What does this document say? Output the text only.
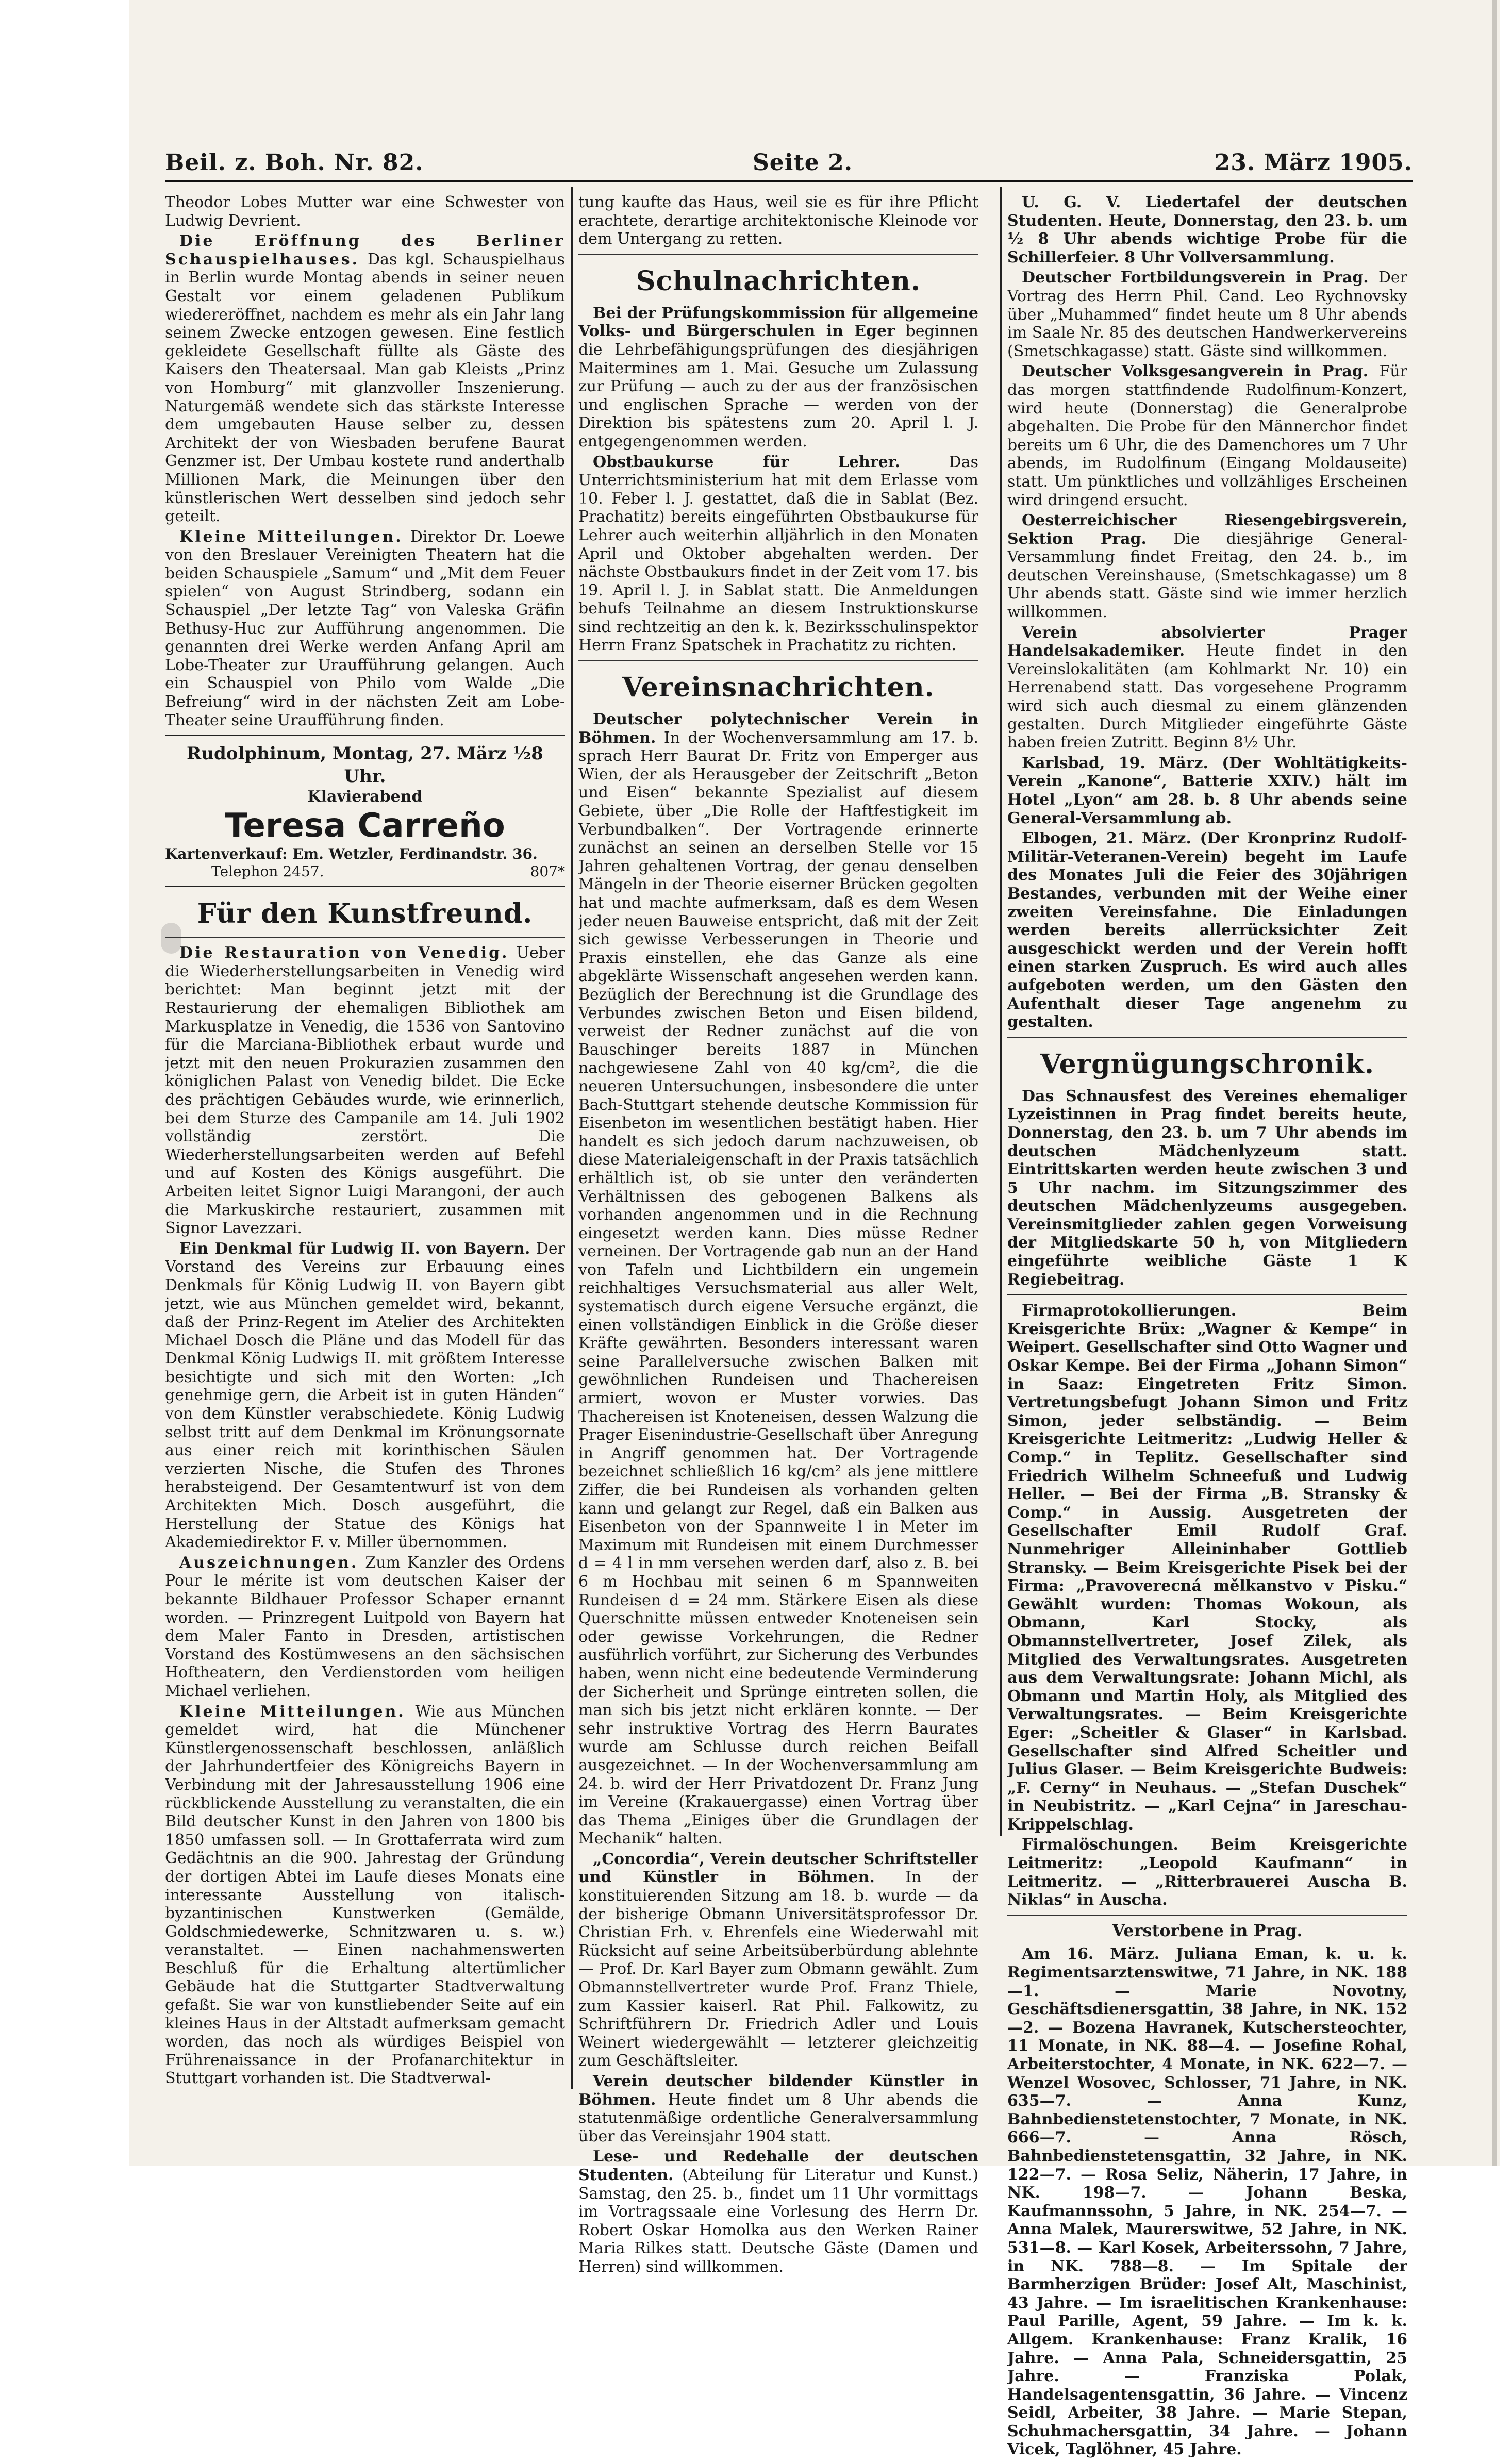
Beil. z. Boh. Nr. 82.	Seite 2.	23. März 1905.

Theodor Lobes Mutter war eine Schwester von Ludwig Devrient.

Die Eröffnung des Berliner Schauspielhauses. Das kgl. Schauspielhaus in Berlin wurde Montag abends in seiner neuen Gestalt vor einem geladenen Publikum wiedereröffnet, nachdem es mehr als ein Jahr lang seinem Zwecke entzogen gewesen. Eine festlich gekleidete Gesellschaft füllte als Gäste des Kaisers den Theatersaal. Man gab Kleists „Prinz von Homburg“ mit glanzvoller Inszenierung. Naturgemäß wendete sich das stärkste Interesse dem umgebauten Hause selber zu, dessen Architekt der von Wiesbaden berufene Baurat Genzmer ist. Der Umbau kostete rund anderthalb Millionen Mark, die Meinungen über den künstlerischen Wert desselben sind jedoch sehr geteilt.

Kleine Mitteilungen. Direktor Dr. Loewe von den Breslauer Vereinigten Theatern hat die beiden Schauspiele „Samum“ und „Mit dem Feuer spielen“ von August Strindberg, sodann ein Schauspiel „Der letzte Tag“ von Valeska Gräfin Bethusy-Huc zur Aufführung angenommen. Die genannten drei Werke werden Anfang April am Lobe-Theater zur Uraufführung gelangen. Auch ein Schauspiel von Philo vom Walde „Die Befreiung“ wird in der nächsten Zeit am Lobe-Theater seine Uraufführung finden.

Rudolphinum, Montag, 27. März ½8 Uhr.
Klavierabend
Teresa Carreño
Kartenverkauf: Em. Wetzler, Ferdinandstr. 36.
Telephon 2457.	807*
Für den Kunstfreund.

Die Restauration von Venedig. Ueber die Wiederherstellungsarbeiten in Venedig wird berichtet: Man beginnt jetzt mit der Restaurierung der ehemaligen Bibliothek am Markusplatze in Venedig, die 1536 von Santovino für die Marciana-Bibliothek erbaut wurde und jetzt mit den neuen Prokurazien zusammen den königlichen Palast von Venedig bildet. Die Ecke des prächtigen Gebäudes wurde, wie erinnerlich, bei dem Sturze des Campanile am 14. Juli 1902 vollständig zerstört. Die Wiederherstellungsarbeiten werden auf Befehl und auf Kosten des Königs ausgeführt. Die Arbeiten leitet Signor Luigi Marangoni, der auch die Markuskirche restauriert, zusammen mit Signor Lavezzari.

Ein Denkmal für Ludwig II. von Bayern. Der Vorstand des Vereins zur Erbauung eines Denkmals für König Ludwig II. von Bayern gibt jetzt, wie aus München gemeldet wird, bekannt, daß der Prinz-Regent im Atelier des Architekten Michael Dosch die Pläne und das Modell für das Denkmal König Ludwigs II. mit größtem Interesse besichtigte und sich mit den Worten: „Ich genehmige gern, die Arbeit ist in guten Händen“ von dem Künstler verabschiedete. König Ludwig selbst tritt auf dem Denkmal im Krönungsornate aus einer reich mit korinthischen Säulen verzierten Nische, die Stufen des Thrones herabsteigend. Der Gesamtentwurf ist von dem Architekten Mich. Dosch ausgeführt, die Herstellung der Statue des Königs hat Akademiedirektor F. v. Miller übernommen.

Auszeichnungen. Zum Kanzler des Ordens Pour le mérite ist vom deutschen Kaiser der bekannte Bildhauer Professor Schaper ernannt worden. — Prinzregent Luitpold von Bayern hat dem Maler Fanto in Dresden, artistischen Vorstand des Kostümwesens an den sächsischen Hoftheatern, den Verdienstorden vom heiligen Michael verliehen.

Kleine Mitteilungen. Wie aus München gemeldet wird, hat die Münchener Künstlergenossenschaft beschlossen, anläßlich der Jahrhundertfeier des Königreichs Bayern in Verbindung mit der Jahresausstellung 1906 eine rückblickende Ausstellung zu veranstalten, die ein Bild deutscher Kunst in den Jahren von 1800 bis 1850 umfassen soll. — In Grottaferrata wird zum Gedächtnis an die 900. Jahrestag der Gründung der dortigen Abtei im Laufe dieses Monats eine interessante Ausstellung von italisch-byzantinischen Kunstwerken (Gemälde, Goldschmiedewerke, Schnitzwaren u. s. w.) veranstaltet. — Einen nachahmenswerten Beschluß für die Erhaltung altertümlicher Gebäude hat die Stuttgarter Stadtverwaltung gefaßt. Sie war von kunstliebender Seite auf ein kleines Haus in der Altstadt aufmerksam gemacht worden, das noch als würdiges Beispiel von Frührenaissance in der Profanarchitektur in Stuttgart vorhanden ist. Die Stadtverwal-

tung kaufte das Haus, weil sie es für ihre Pflicht erachtete, derartige architektonische Kleinode vor dem Untergang zu retten.

Schulnachrichten.

Bei der Prüfungskommission für allgemeine Volks- und Bürgerschulen in Eger beginnen die Lehrbefähigungsprüfungen des diesjährigen Maitermines am 1. Mai. Gesuche um Zulassung zur Prüfung — auch zu der aus der französischen und englischen Sprache — werden von der Direktion bis spätestens zum 20. April l. J. entgegengenommen werden.

Obstbaukurse für Lehrer.	Das Unterrichtsministerium hat mit dem Erlasse vom 10. Feber l. J. gestattet, daß die in Sablat (Bez. Prachatitz) bereits eingeführten Obstbaukurse für Lehrer auch weiterhin alljährlich in den Monaten April und Oktober abgehalten werden. Der nächste Obstbaukurs findet in der Zeit vom 17. bis 19. April l. J. in Sablat statt. Die Anmeldungen behufs Teilnahme an diesem Instruktionskurse sind rechtzeitig an den k. k. Bezirksschulinspektor Herrn Franz Spatschek in Prachatitz zu richten.

Vereinsnachrichten.

Deutscher polytechnischer Verein in Böhmen. In der Wochenversammlung am 17. b. sprach Herr Baurat Dr. Fritz von Emperger aus Wien, der als Herausgeber der Zeitschrift „Beton und Eisen“ bekannte Spezialist auf diesem Gebiete, über „Die Rolle der Haftfestigkeit im Verbundbalken“. Der Vortragende erinnerte zunächst an seinen an derselben Stelle vor 15 Jahren gehaltenen Vortrag, der genau denselben Mängeln in der Theorie eiserner Brücken gegolten hat und machte aufmerksam, daß es dem Wesen jeder neuen Bauweise entspricht, daß mit der Zeit sich gewisse Verbesserungen in Theorie und Praxis einstellen, ehe das Ganze als eine abgeklärte Wissenschaft angesehen werden kann. Bezüglich der Berechnung ist die Grundlage des Verbundes zwischen Beton und Eisen bildend, verweist der Redner zunächst auf die von Bauschinger bereits 1887 in München nachgewiesene Zahl von 40 kg/cm², die die neueren Untersuchungen, insbesondere die unter Bach-Stuttgart stehende deutsche Kommission für Eisenbeton im wesentlichen bestätigt haben. Hier handelt es sich jedoch darum nachzuweisen, ob diese Materialeigenschaft in der Praxis tatsächlich erhältlich ist, ob sie unter den veränderten Verhältnissen des gebogenen Balkens als vorhanden angenommen und in die Rechnung eingesetzt werden kann. Dies müsse Redner verneinen. Der Vortragende gab nun an der Hand von Tafeln und Lichtbildern ein ungemein reichhaltiges Versuchsmaterial aus aller Welt, systematisch durch eigene Versuche ergänzt, die einen vollständigen Einblick in die Größe dieser Kräfte gewährten. Besonders interessant waren seine Parallelversuche zwischen Balken mit gewöhnlichen Rundeisen und Thachereisen armiert, wovon er Muster vorwies. Das Thachereisen ist Knoteneisen, dessen Walzung die Prager Eisenindustrie-Gesellschaft über Anregung in Angriff genommen hat. Der Vortragende bezeichnet schließlich 16 kg/cm² als jene mittlere Ziffer, die bei Rundeisen als vorhanden gelten kann und gelangt zur Regel, daß ein Balken aus Eisenbeton von der Spannweite l in Meter im Maximum mit Rundeisen mit einem Durchmesser d = 4 l in mm versehen werden darf, also z. B. bei 6 m Hochbau mit seinen 6 m Spannweiten Rundeisen d = 24 mm. Stärkere Eisen als diese Querschnitte müssen entweder Knoteneisen sein oder gewisse Vorkehrungen, die Redner ausführlich vorführt, zur Sicherung des Verbundes haben, wenn nicht eine bedeutende Verminderung der Sicherheit und Sprünge eintreten sollen, die man sich bis jetzt nicht erklären konnte. — Der sehr instruktive Vortrag des Herrn Baurates wurde am Schlusse durch reichen Beifall ausgezeichnet. — In der Wochenversammlung am 24. b. wird der Herr Privatdozent Dr. Franz Jung im Vereine (Krakauergasse) einen Vortrag über das Thema „Einiges über die Grundlagen der Mechanik“ halten.

„Concordia“, Verein deutscher Schriftsteller und Künstler in Böhmen. In der konstituierenden Sitzung am 18. b. wurde — da der bisherige Obmann Universitätsprofessor Dr. Christian Frh. v. Ehrenfels eine Wiederwahl mit Rücksicht auf seine Arbeitsüberbürdung ablehnte — Prof. Dr. Karl Bayer zum Obmann gewählt. Zum Obmannstellvertreter wurde Prof. Franz Thiele, zum Kassier kaiserl. Rat Phil. Falkowitz, zu Schriftführern Dr. Friedrich Adler und Louis Weinert wiedergewählt — letzterer gleichzeitig zum Geschäftsleiter.

Verein deutscher bildender Künstler in Böhmen. Heute findet um 8 Uhr abends die statutenmäßige ordentliche Generalversammlung über das Vereinsjahr 1904 statt.

Lese- und Redehalle der deutschen Studenten. (Abteilung für Literatur und Kunst.) Samstag, den 25. b., findet um 11 Uhr vormittags im Vortragssaale eine Vorlesung des Herrn Dr. Robert Oskar Homolka aus den Werken Rainer Maria Rilkes statt. Deutsche Gäste (Damen und Herren) sind willkommen.

U. G. V. Liedertafel der deutschen Studenten. Heute, Donnerstag, den 23. b. um ½ 8 Uhr abends wichtige Probe für die Schillerfeier. 8 Uhr Vollversammlung.

Deutscher Fortbildungsverein in Prag. Der Vortrag des Herrn Phil. Cand. Leo Rychnovsky über „Muhammed“ findet heute um 8 Uhr abends im Saale Nr. 85 des deutschen Handwerkervereins (Smetschkagasse) statt. Gäste sind willkommen.

Deutscher Volksgesangverein in Prag. Für das morgen stattfindende Rudolfinum-Konzert, wird heute (Donnerstag) die Generalprobe abgehalten. Die Probe für den Männerchor findet bereits um 6 Uhr, die des Damenchores um 7 Uhr abends, im Rudolfinum (Eingang Moldauseite) statt. Um pünktliches und vollzähliges Erscheinen wird dringend ersucht.

Oesterreichischer Riesengebirgsverein, Sektion Prag. Die diesjährige General-Versammlung findet Freitag, den 24. b., im deutschen Vereinshause, (Smetschkagasse) um 8 Uhr abends statt. Gäste sind wie immer herzlich willkommen.

Verein absolvierter Prager Handelsakademiker. Heute findet in den Vereinslokalitäten (am Kohlmarkt Nr. 10) ein Herrenabend statt. Das vorgesehene Programm wird sich auch diesmal zu einem glänzenden gestalten. Durch Mitglieder eingeführte Gäste haben freien Zutritt. Beginn 8½ Uhr.

Karlsbad, 19. März. (Der Wohltätigkeits-Verein „Kanone“, Batterie XXIV.) hält im Hotel „Lyon“ am 28. b. 8 Uhr abends seine General-Versammlung ab.

Elbogen, 21. März. (Der Kronprinz Rudolf-Militär-Veteranen-Verein) begeht im Laufe des Monates Juli die Feier des 30jährigen Bestandes, verbunden mit der Weihe einer zweiten Vereinsfahne. Die Einladungen werden bereits allerrücksichter Zeit ausgeschickt werden und der Verein hofft einen starken Zuspruch. Es wird auch alles aufgeboten werden, um den Gästen den Aufenthalt dieser Tage angenehm zu gestalten.

Vergnügungschronik.

Das Schnausfest des Vereines ehemaliger Lyzeistinnen in Prag findet bereits heute, Donnerstag, den 23. b. um 7 Uhr abends im deutschen Mädchenlyzeum statt. Eintrittskarten werden heute zwischen 3 und 5 Uhr nachm. im Sitzungszimmer des deutschen Mädchenlyzeums ausgegeben. Vereinsmitglieder zahlen gegen Vorweisung der Mitgliedskarte 50 h, von Mitgliedern eingeführte weibliche Gäste 1 K Regiebeitrag.

Firmaprotokollierungen.	Beim Kreisgerichte Brüx: „Wagner & Kempe“ in Weipert. Gesellschafter sind Otto Wagner und Oskar Kempe. Bei der Firma „Johann Simon“ in Saaz: Eingetreten Fritz Simon. Vertretungsbefugt Johann Simon und Fritz Simon, jeder selbständig. — Beim Kreisgerichte Leitmeritz: „Ludwig Heller & Comp.“ in Teplitz. Gesellschafter sind Friedrich Wilhelm Schneefuß und Ludwig Heller. — Bei der Firma „B. Stransky & Comp.“ in Aussig. Ausgetreten der Gesellschafter Emil Rudolf Graf. Nunmehriger Alleininhaber Gottlieb Stransky. — Beim Kreisgerichte Pisek bei der Firma: „Pravoverecná mělkanstvo v Pisku.“ Gewählt wurden: Thomas Wokoun, als Obmann, Karl Stocky, als Obmannstellvertreter, Josef Zilek, als Mitglied des Verwaltungsrates. Ausgetreten aus dem Verwaltungsrate: Johann Michl, als Obmann und Martin Holy, als Mitglied des Verwaltungsrates. — Beim Kreisgerichte Eger: „Scheitler & Glaser“ in Karlsbad. Gesellschafter sind Alfred Scheitler und Julius Glaser. — Beim Kreisgerichte Budweis: „F. Cerny“ in Neuhaus. — „Stefan Duschek“ in Neubistritz. — „Karl Cejna“ in Jareschau-Krippelschlag.

Firmalöschungen. Beim Kreisgerichte Leitmeritz: „Leopold Kaufmann“ in Leitmeritz. — „Ritterbrauerei Auscha B. Niklas“ in Auscha.

Verstorbene in Prag.

Am 16. März. Juliana Eman, k. u. k. Regimentsarztenswitwe, 71 Jahre, in NK. 188—1. — Marie Novotny, Geschäftsdienersgattin, 38 Jahre, in NK. 152—2. — Bozena Havranek, Kutschersteochter, 11 Monate, in NK. 88—4. — Josefine Rohal, Arbeiterstochter, 4 Monate, in NK. 622—7. — Wenzel Wosovec, Schlosser, 71 Jahre, in NK. 635—7. — Anna Kunz, Bahnbedienstetenstochter, 7 Monate, in NK. 666—7. — Anna Rösch, Bahnbedienstetensgattin, 32 Jahre, in NK. 122—7. — Rosa Seliz, Näherin, 17 Jahre, in NK. 198—7. — Johann Beska, Kaufmannssohn, 5 Jahre, in NK. 254—7. — Anna Malek, Maurerswitwe, 52 Jahre, in NK. 531—8. — Karl Kosek, Arbeiterssohn, 7 Jahre, in NK. 788—8. — Im Spitale der Barmherzigen Brüder: Josef Alt, Maschinist, 43 Jahre. — Im israelitischen Krankenhause: Paul Parille, Agent, 59 Jahre. — Im k. k. Allgem. Krankenhause: Franz Kralik, 16 Jahre. — Anna Pala, Schneidersgattin, 25 Jahre. — Franziska Polak, Handelsagentensgattin, 36 Jahre. — Vincenz Seidl, Arbeiter, 38 Jahre. — Marie Stepan, Schuhmachersgattin, 34 Jahre. — Johann Vicek, Taglöhner, 45 Jahre.
